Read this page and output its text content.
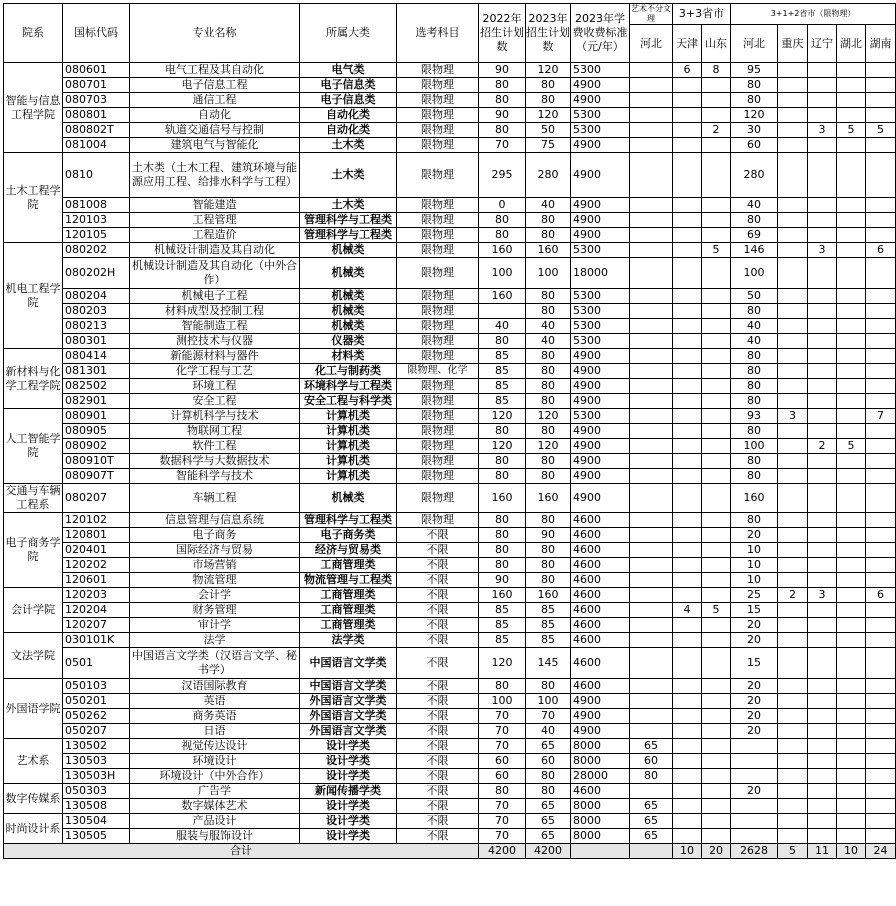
院系	国标代码	专业名称	所属大类	选考科目	2022年招生计划数	2023年招生计划数	2023年学费收费标准（元/年）	艺术不分文理	3+3省市		3+1+2省市（限物理）				

								河北	天津	山东	河北	重庆	辽宁	湖北	湖南
智能与信息工程学院	080601	电气工程及其自动化	电气类	限物理	90	120	5300		6	8	95				
	080701	电子信息工程	电子信息类	限物理	80	80	4900				80				
	080703	通信工程	电子信息类	限物理	80	80	4900				80				
	080801	自动化	自动化类	限物理	90	120	5300				120				
	080802T	轨道交通信号与控制	自动化类	限物理	80	50	5300			2	30		3	5	5
	081004	建筑电气与智能化	土木类	限物理	70	75	4900				60				
土木工程学院	0810	土木类（土木工程、建筑环境与能源应用工程、给排水科学与工程）	土木类	限物理	295	280	4900				280				
	081008	智能建造	土木类	限物理	0	40	4900				40				
	120103	工程管理	管理科学与工程类	限物理	80	80	4900				80				
	120105	工程造价	管理科学与工程类	限物理	80	80	4900				69				
机电工程学院	080202	机械设计制造及其自动化	机械类	限物理	160	160	5300			5	146		3		6
	080202H	机械设计制造及其自动化（中外合作）	机械类	限物理	100	100	18000				100				
	080204	机械电子工程	机械类	限物理	160	80	5300				50				
	080203	材料成型及控制工程	机械类	限物理		80	5300				80				
	080213	智能制造工程	机械类	限物理	40	40	5300				40				
	080301	测控技术与仪器	仪器类	限物理	80	40	5300				40				
新材料与化学工程学院	080414	新能源材料与器件	材料类	限物理	85	80	4900				80				
	081301	化学工程与工艺	化工与制药类	限物理、化学	85	80	4900				80				
	082502	环境工程	环境科学与工程类	限物理	85	80	4900				80				
	082901	安全工程	安全工程与科学类	限物理	85	80	4900				80				
人工智能学院	080901	计算机科学与技术	计算机类	限物理	120	120	5300				93	3			7
	080905	物联网工程	计算机类	限物理	80	80	4900				80				
	080902	软件工程	计算机类	限物理	120	120	4900				100		2	5	
	080910T	数据科学与大数据技术	计算机类	限物理	80	80	4900				80				
	080907T	智能科学与技术	计算机类	限物理	80	80	4900				80				
交通与车辆工程系	080207	车辆工程	机械类	限物理	160	160	4900				160				
电子商务学院	120102	信息管理与信息系统	管理科学与工程类	限物理	80	80	4600				80				
	120801	电子商务	电子商务类	不限	80	90	4600				20				
	020401	国际经济与贸易	经济与贸易类	不限	80	80	4600				10				
	120202	市场营销	工商管理类	不限	80	80	4600				10				
	120601	物流管理	物流管理与工程类	不限	90	80	4600				10				
会计学院	120203	会计学	工商管理类	不限	160	160	4600				25	2	3		6
	120204	财务管理	工商管理类	不限	85	85	4600		4	5	15				
	120207	审计学	工商管理类	不限	85	85	4600				20				
文法学院	030101K	法学	法学类	不限	85	85	4600				20				
	0501	中国语言文学类（汉语言文学、秘书学）	中国语言文学类	不限	120	145	4600				15				
外国语学院	050103	汉语国际教育	中国语言文学类	不限	80	80	4600				20				
	050201	英语	外国语言文学类	不限	100	100	4900				20				
	050262	商务英语	外国语言文学类	不限	70	70	4900				20				
	050207	日语	外国语言文学类	不限	70	40	4900				20				
艺术系	130502	视觉传达设计	设计学类	不限	70	65	8000	65							
	130503	环境设计	设计学类	不限	60	60	8000	60							
	130503H	环境设计（中外合作）	设计学类	不限	60	80	28000	80							
数字传媒系	050303	广告学	新闻传播学类	不限	80	80	4600				20				
	130508	数字媒体艺术	设计学类	不限	70	65	8000	65							
时尚设计系	130504	产品设计	设计学类	不限	70	65	8000	65							
	130505	服装与服饰设计	设计学类	不限	70	65	8000	65							
合计					4200	4200			10	20	2628	5	11	10	24
